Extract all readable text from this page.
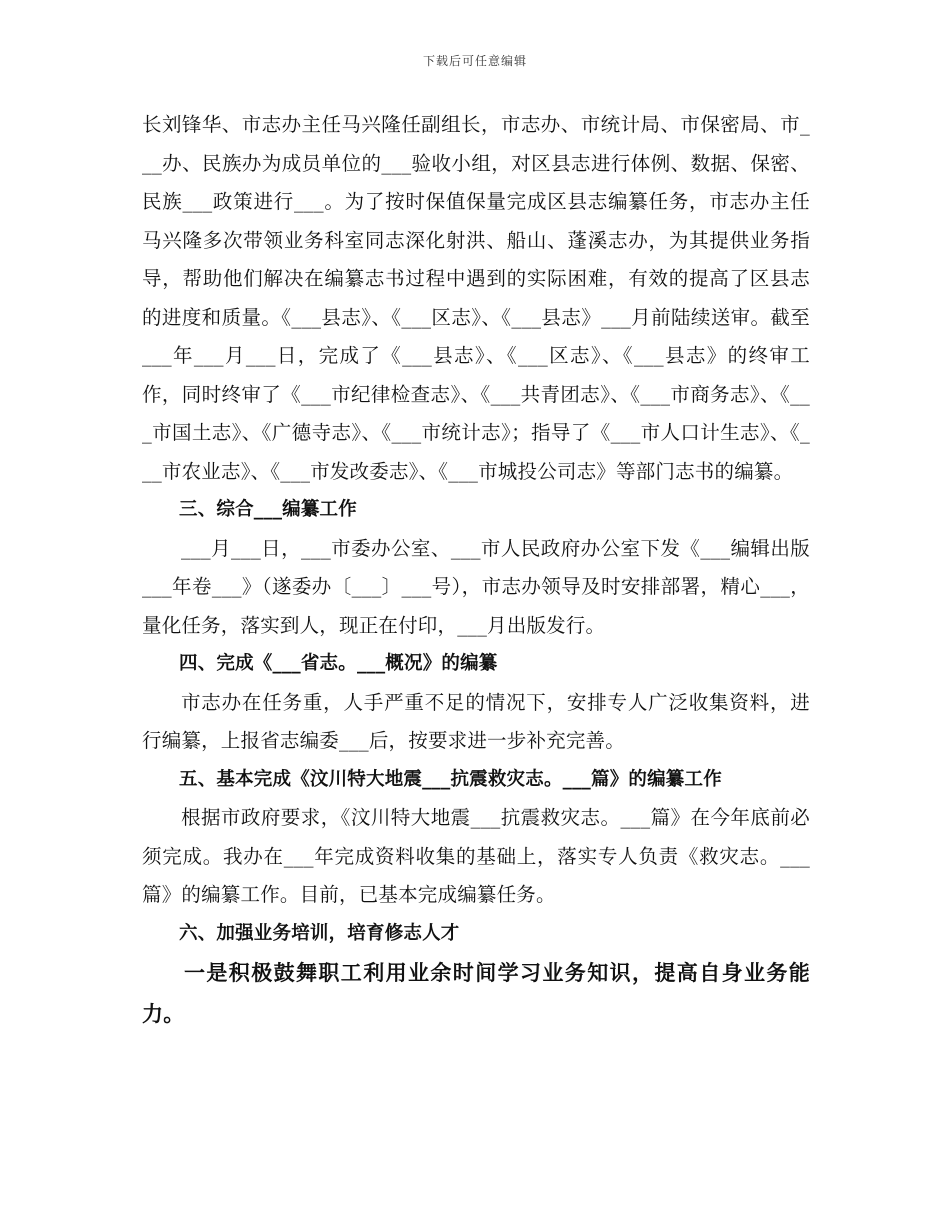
下载后可任意编辑

长刘锋华、市志办主任马兴隆任副组长，市志办、市统计局、市保密局、市___办、民族办为成员单位的___验收小组，对区县志进行体例、数据、保密、民族___政策进行___。为了按时保值保量完成区县志编纂任务，市志办主任马兴隆多次带领业务科室同志深化射洪、船山、蓬溪志办，为其提供业务指导，帮助他们解决在编纂志书过程中遇到的实际困难，有效的提高了区县志的进度和质量。《___县志》、《___区志》、《___县志》___月前陆续送审。截至___年___月___日，完成了《___县志》、《___区志》、《___县志》的终审工作，同时终审了《___市纪律检查志》、《___共青团志》、《___市商务志》、《___市国土志》、《广德寺志》、《___市统计志》；指导了《___市人口计生志》、《___市农业志》、《___市发改委志》、《___市城投公司志》等部门志书的编纂。

三、综合___编纂工作

___月___日，___市委办公室、___市人民政府办公室下发《___编辑出版___年卷___》（遂委办〔___〕___号），市志办领导及时安排部署，精心___，量化任务，落实到人，现正在付印，___月出版发行。

四、完成《___省志。___概况》的编纂

市志办在任务重，人手严重不足的情况下，安排专人广泛收集资料，进行编纂，上报省志编委___后，按要求进一步补充完善。

五、基本完成《汶川特大地震___抗震救灾志。___篇》的编纂工作

根据市政府要求，《汶川特大地震___抗震救灾志。___篇》在今年底前必须完成。我办在___年完成资料收集的基础上，落实专人负责《救灾志。___篇》的编纂工作。目前，已基本完成编纂任务。

六、加强业务培训，培育修志人才

一是积极鼓舞职工利用业余时间学习业务知识，提高自身业务能力。
